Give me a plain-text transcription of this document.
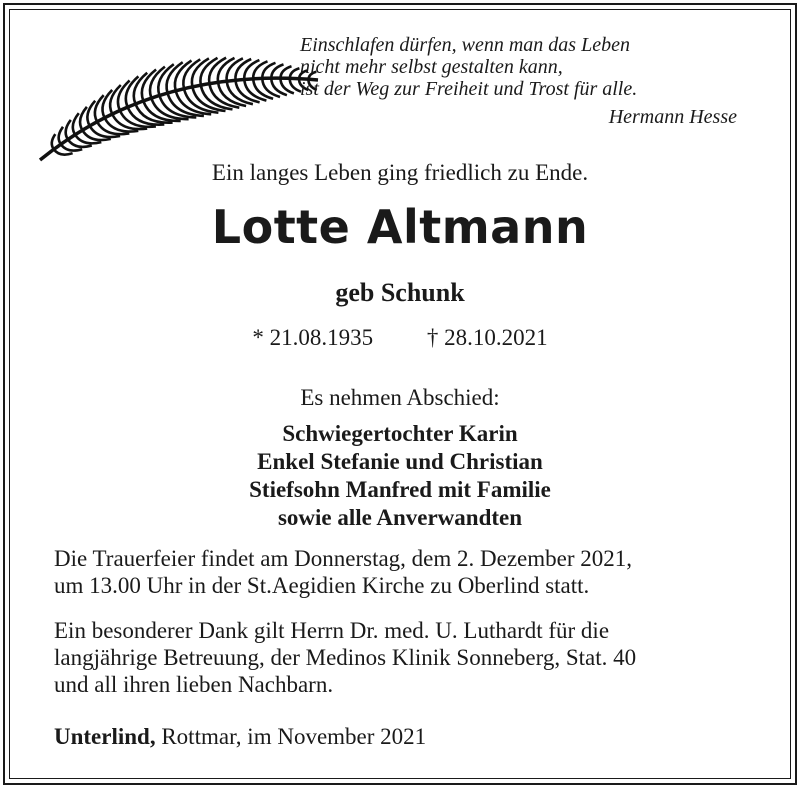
Einschlafen dürfen, wenn man das Leben
nicht mehr selbst gestalten kann,
ist der Weg zur Freiheit und Trost für alle.
Hermann Hesse
Ein langes Leben ging friedlich zu Ende.
Lotte Altmann
geb Schunk
* 21.08.1935 † 28.10.2021
Es nehmen Abschied:
Schwiegertochter Karin
Enkel Stefanie und Christian
Stiefsohn Manfred mit Familie
sowie alle Anverwandten
Die Trauerfeier findet am Donnerstag, dem 2. Dezember 2021,
um 13.00 Uhr in der St.Aegidien Kirche zu Oberlind statt.
Ein besonderer Dank gilt Herrn Dr. med. U. Luthardt für die
langjährige Betreuung, der Medinos Klinik Sonneberg, Stat. 40
und all ihren lieben Nachbarn.
Unterlind, Rottmar, im November 2021
